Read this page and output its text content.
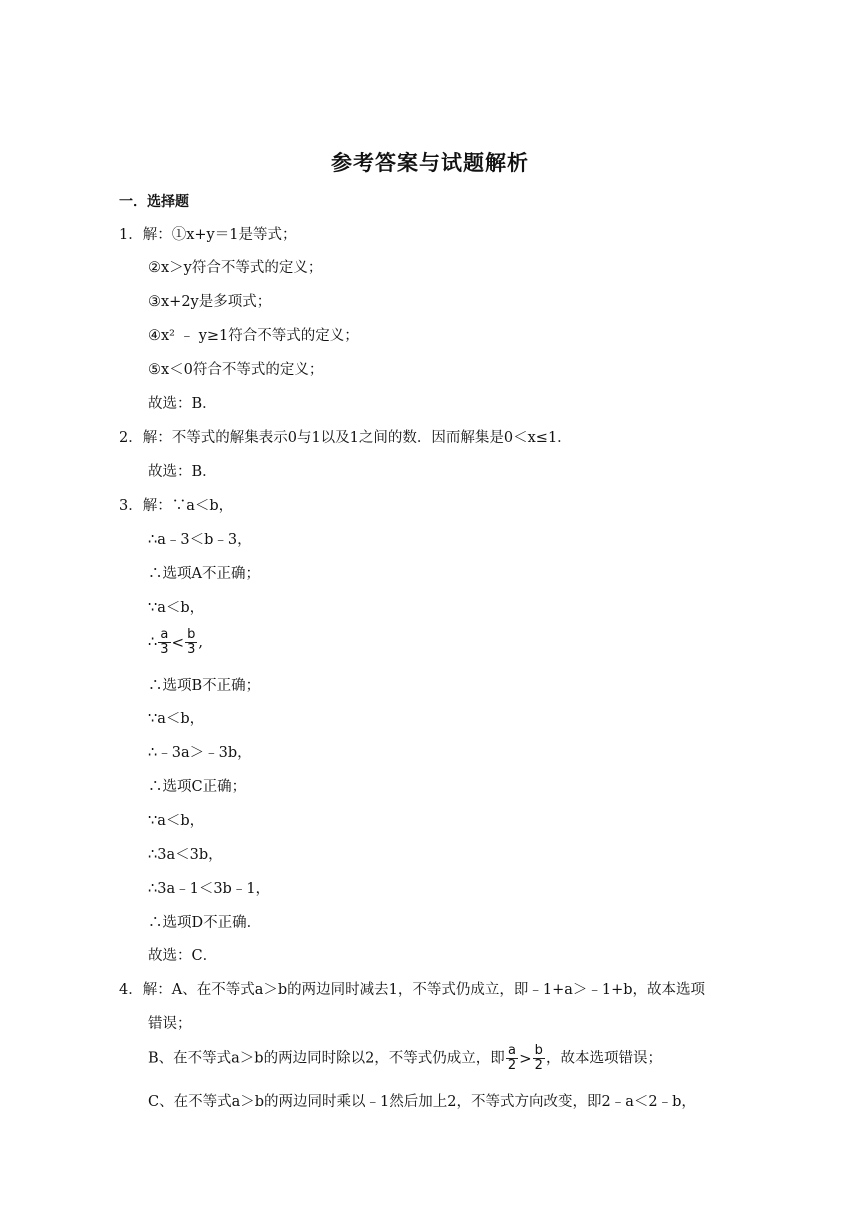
参考答案与试题解析
一．选择题
1．解：①x+y＝1是等式；
②x＞y符合不等式的定义；
③x+2y是多项式；
④x² ﹣ y≥1符合不等式的定义；
⑤x＜0符合不等式的定义；
故选：B．
2．解：不等式的解集表示0与1以及1之间的数．因而解集是0＜x≤1．
故选：B．
3．解：∵a＜b，
∴a﹣3＜b﹣3，
∴选项A不正确；
∵a＜b，
∴ $\frac{a}{3} < \frac{b}{3}$ ,
∴选项B不正确；
∵a＜b，
∴﹣3a＞﹣3b，
∴选项C正确；
∵a＜b，
∴3a＜3b，
∴3a﹣1＜3b﹣1，
∴选项D不正确．
故选：C．
4．解：A、在不等式a＞b的两边同时减去1，不等式仍成立，即﹣1+a＞﹣1+b，故本选项
错误；
B、在不等式a＞b的两边同时除以2，不等式仍成立，即 $\frac{a}{2} > \frac{b}{2}$ ，故本选项错误；
C、在不等式a＞b的两边同时乘以﹣1然后加上2，不等式方向改变，即2﹣a＜2﹣b，
